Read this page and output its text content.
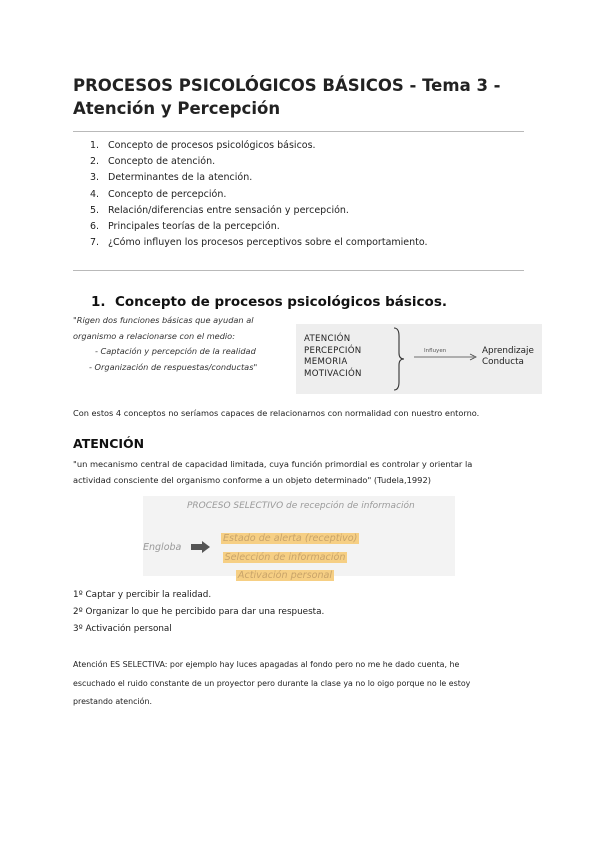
PROCESOS PSICOLÓGICOS BÁSICOS - Tema 3 - Atención y Percepción
1. Concepto de procesos psicológicos básicos.
2. Concepto de atención.
3. Determinantes de la atención.
4. Concepto de percepción.
5. Relación/diferencias entre sensación y percepción.
6. Principales teorías de la percepción.
7. ¿Cómo influyen los procesos perceptivos sobre el comportamiento.
1. Concepto de procesos psicológicos básicos.
"Rigen dos funciones básicas que ayudan al
organismo a relacionarse con el medio:
- Captación y percepción de la realidad
- Organización de respuestas/conductas"
ATENCIÓN
PERCEPCIÓN
MEMORIA
MOTIVACIÓN
Influyen	Aprendizaje
Conducta
Con estos 4 conceptos no seríamos capaces de relacionarnos con normalidad con nuestro entorno.
ATENCIÓN
"un mecanismo central de capacidad limitada, cuya función primordial es controlar y orientar la
actividad consciente del organismo conforme a un objeto determinado" (Tudela,1992)
PROCESO SELECTIVO de recepción de información
Engloba
Estado de alerta (receptivo)
Selección de información
Activación personal
1º Captar y percibir la realidad.
2º Organizar lo que he percibido para dar una respuesta.
3º Activación personal
Atención ES SELECTIVA: por ejemplo hay luces apagadas al fondo pero no me he dado cuenta, he
escuchado el ruido constante de un proyector pero durante la clase ya no lo oigo porque no le estoy
prestando atención.
